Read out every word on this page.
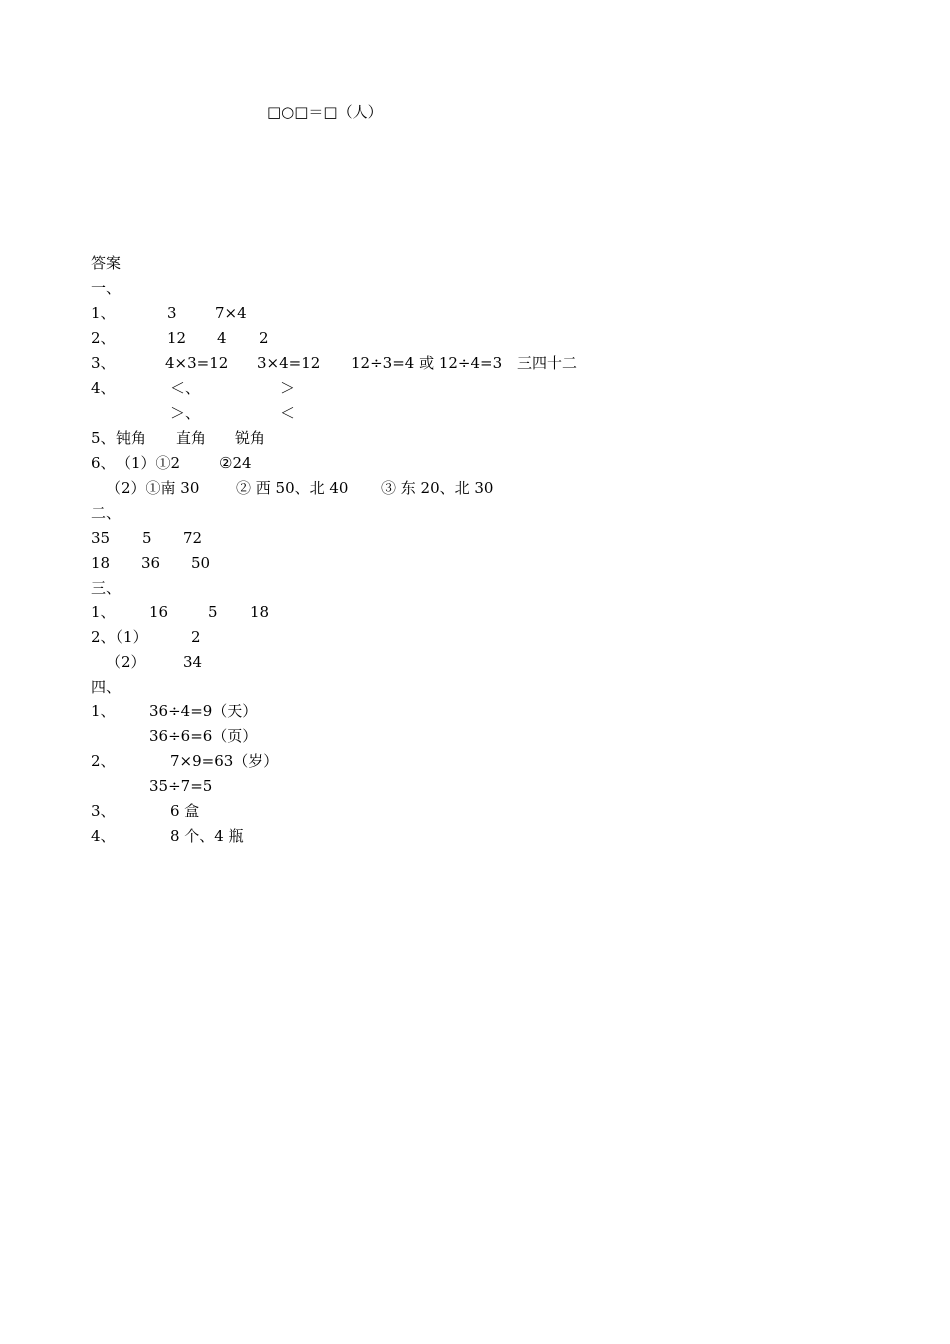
□○□＝□（人）
答案
一、
1、	3	7×4
2、	12 4 2
3、	4×3=12 3×4=12 12÷3=4 或 12÷4=3 三四十二
4、	＜、	＞
＞、	＜
5、 钝角 直角 锐角
6、 （1）①2	②24
（2）①南 30 ② 西 50、北 40 ③ 东 20、北 30
二、
35 5 72
18 36 50
三、
1、 16	5 18
2、（1）	2
（2） 34
四、
1、 36÷4=9（天）
36÷6=6（页）
2、	7×9=63（岁）
35÷7=5
3、	6 盒
4、	8 个、4 瓶
